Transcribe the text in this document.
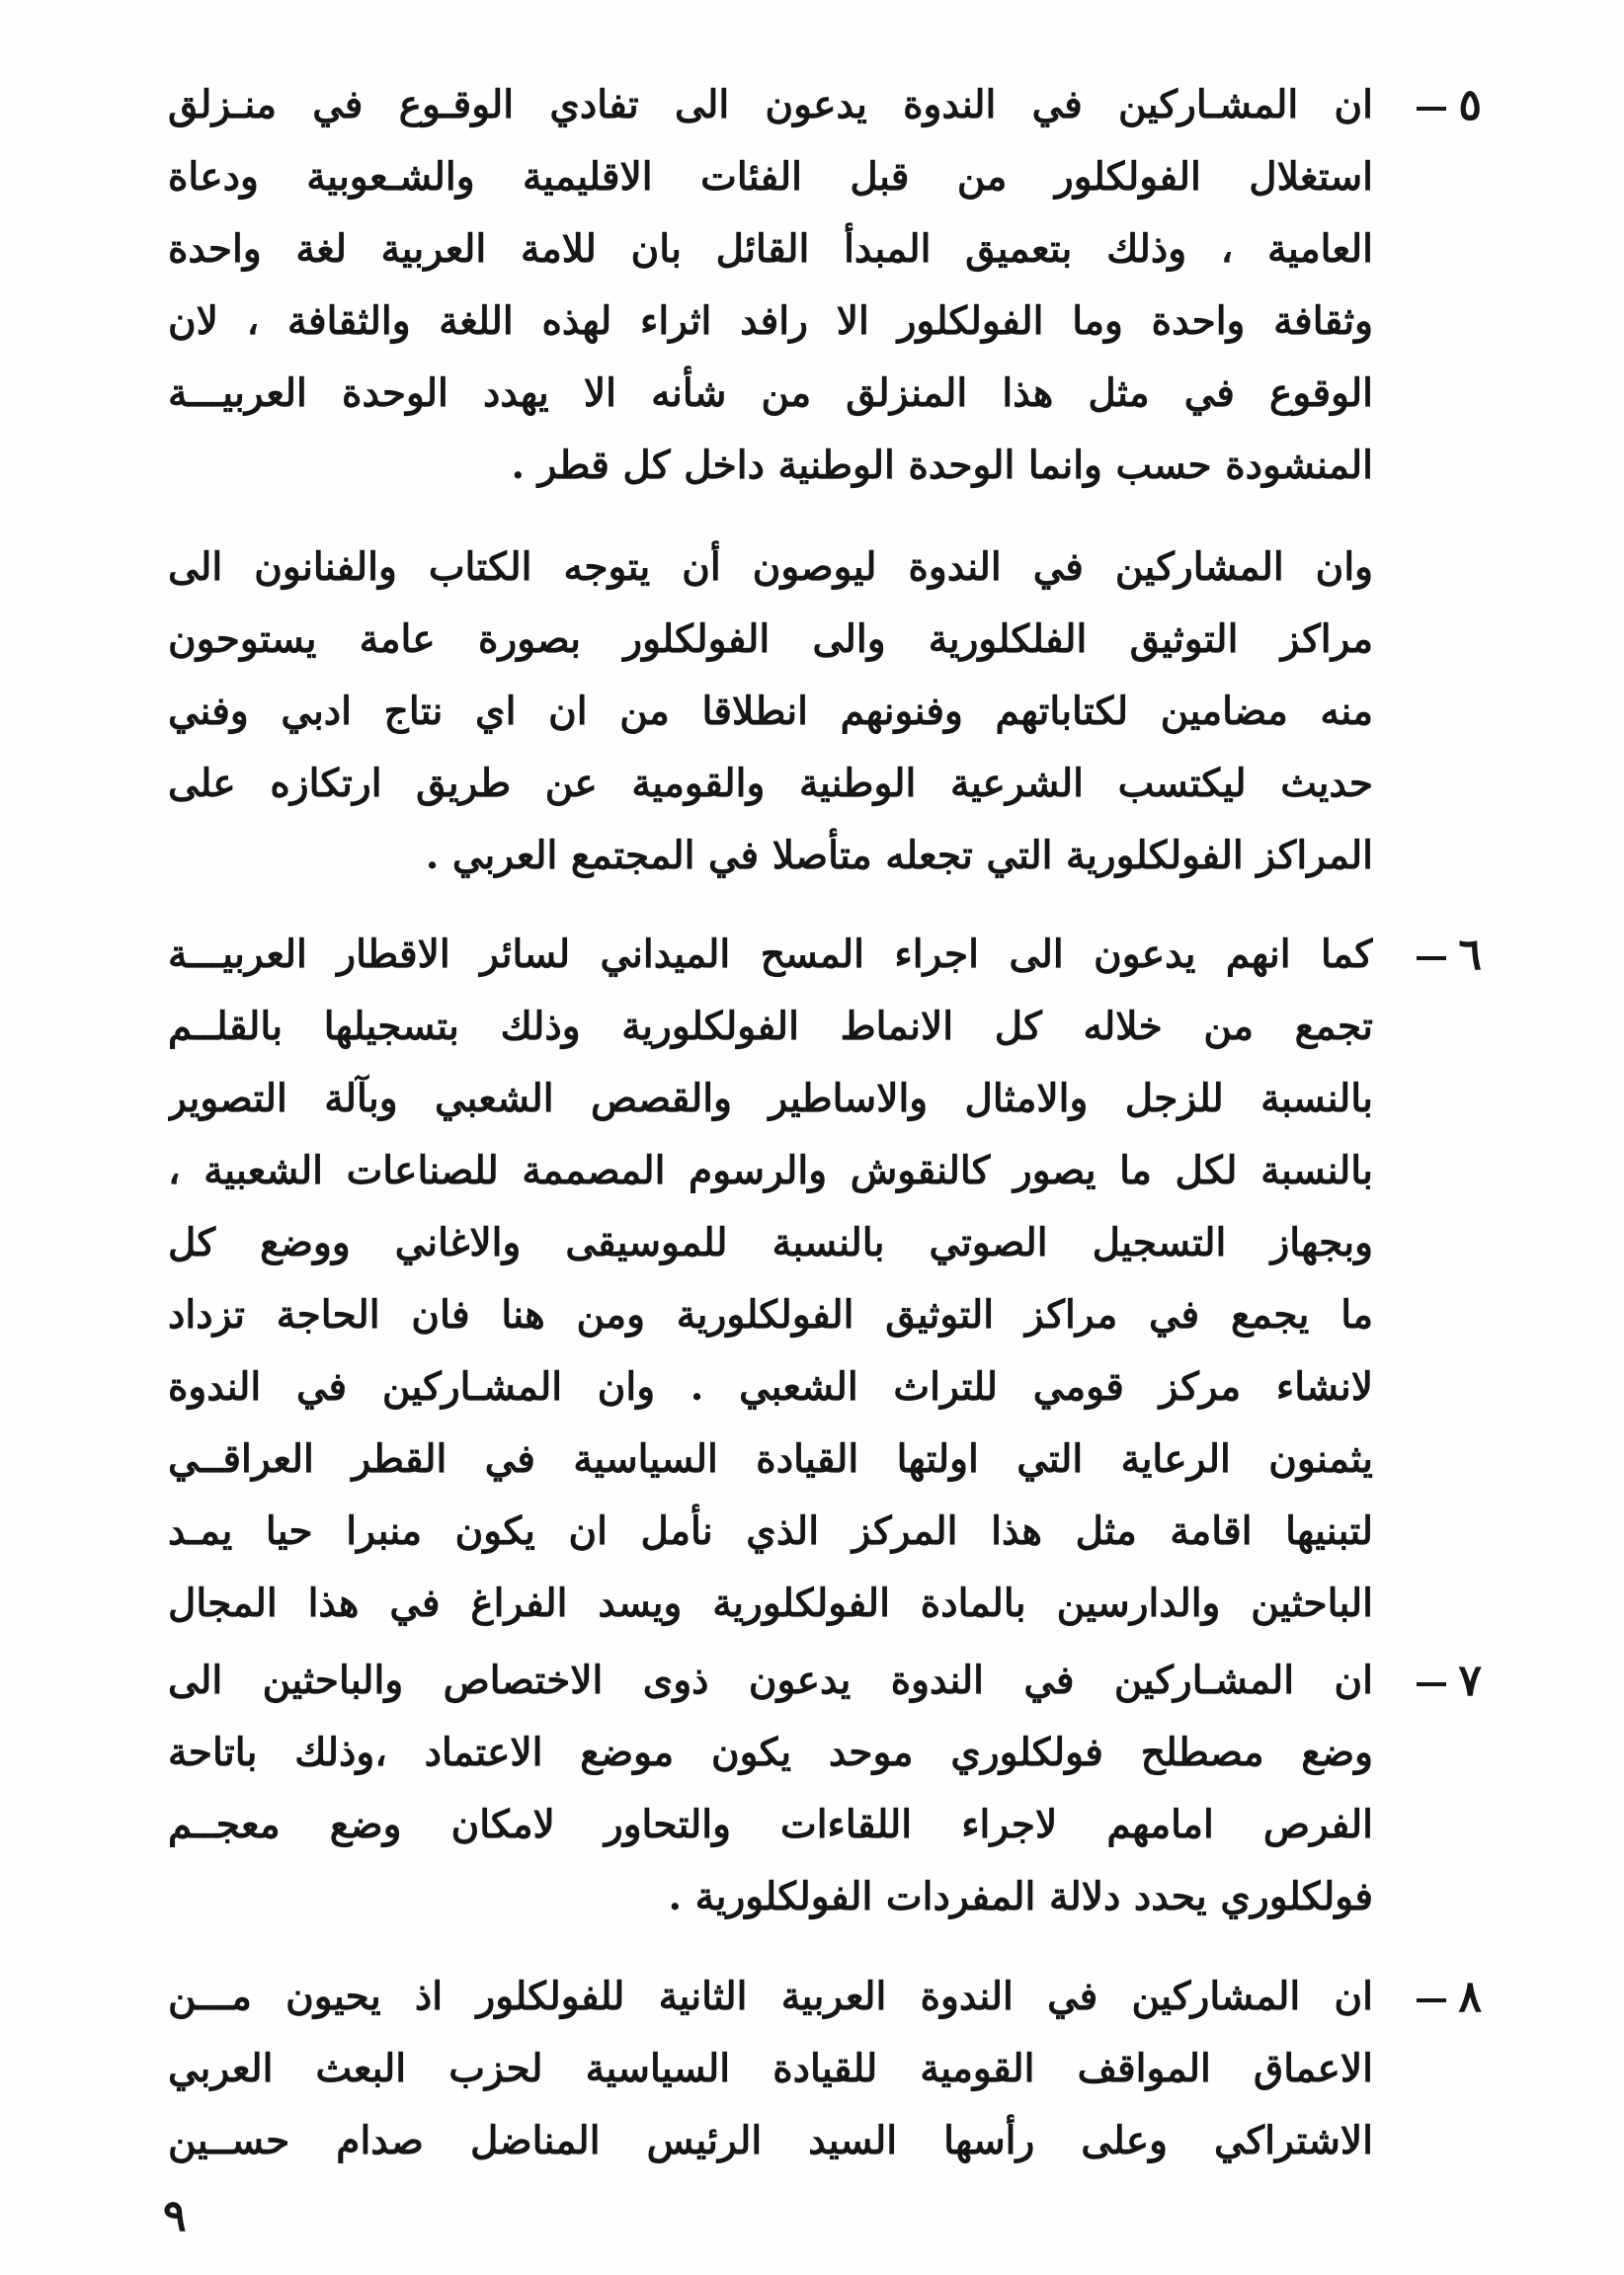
٥
ان المشـاركين في الندوة يدعون الى تفادي الوقـوع في منـزلق
استغلال الفولكلور من قبل الفئات الاقليمية والشـعوبية ودعاة
العامية ، وذلك بتعميق المبدأ القائل بان للامة العربية لغة واحدة
وثقافة واحدة وما الفولكلور الا رافد اثراء لهذه اللغة والثقافة ، لان
الوقوع في مثل هذا المنزلق من شأنه الا يهدد الوحدة العربيـــة
المنشودة حسب وانما الوحدة الوطنية داخل كل قطر .
وان المشاركين في الندوة ليوصون أن يتوجه الكتاب والفنانون الى
مراكز التوثيق الفلكلورية والى الفولكلور بصورة عامة يستوحون
منه مضامين لكتاباتهم وفنونهم انطلاقا من ان اي نتاج ادبي وفني
حديث ليكتسب الشرعية الوطنية والقومية عن طريق ارتكازه على
المراكز الفولكلورية التي تجعله متأصلا في المجتمع العربي .
٦
كما انهم يدعون الى اجراء المسح الميداني لسائر الاقطار العربيـــة
تجمع من خلاله كل الانماط الفولكلورية وذلك بتسجيلها بالقلــم
بالنسبة للزجل والامثال والاساطير والقصص الشعبي وبآلة التصوير
بالنسبة لكل ما يصور كالنقوش والرسوم المصممة للصناعات الشعبية ،
وبجهاز التسجيل الصوتي بالنسبة للموسيقى والاغاني ووضع كل
ما يجمع في مراكز التوثيق الفولكلورية ومن هنا فان الحاجة تزداد
لانشاء مركز قومي للتراث الشعبي . وان المشـاركين في الندوة
يثمنون الرعاية التي اولتها القيادة السياسية في القطر العراقــي
لتبنيها اقامة مثل هذا المركز الذي نأمل ان يكون منبرا حيا يمـد
الباحثين والدارسين بالمادة الفولكلورية ويسد الفراغ في هذا المجال
٧
ان المشـاركين في الندوة يدعون ذوى الاختصاص والباحثين الى
وضع مصطلح فولكلوري موحد يكون موضع الاعتماد ،وذلك باتاحة
الفرص امامهم لاجراء اللقاءات والتحاور لامكان وضع معجــم
فولكلوري يحدد دلالة المفردات الفولكلورية .
٨
ان المشاركين في الندوة العربية الثانية للفولكلور اذ يحيون مـــن
الاعماق المواقف القومية للقيادة السياسية لحزب البعث العربي
الاشتراكي وعلى رأسها السيد الرئيس المناضل صدام حســين
٩
